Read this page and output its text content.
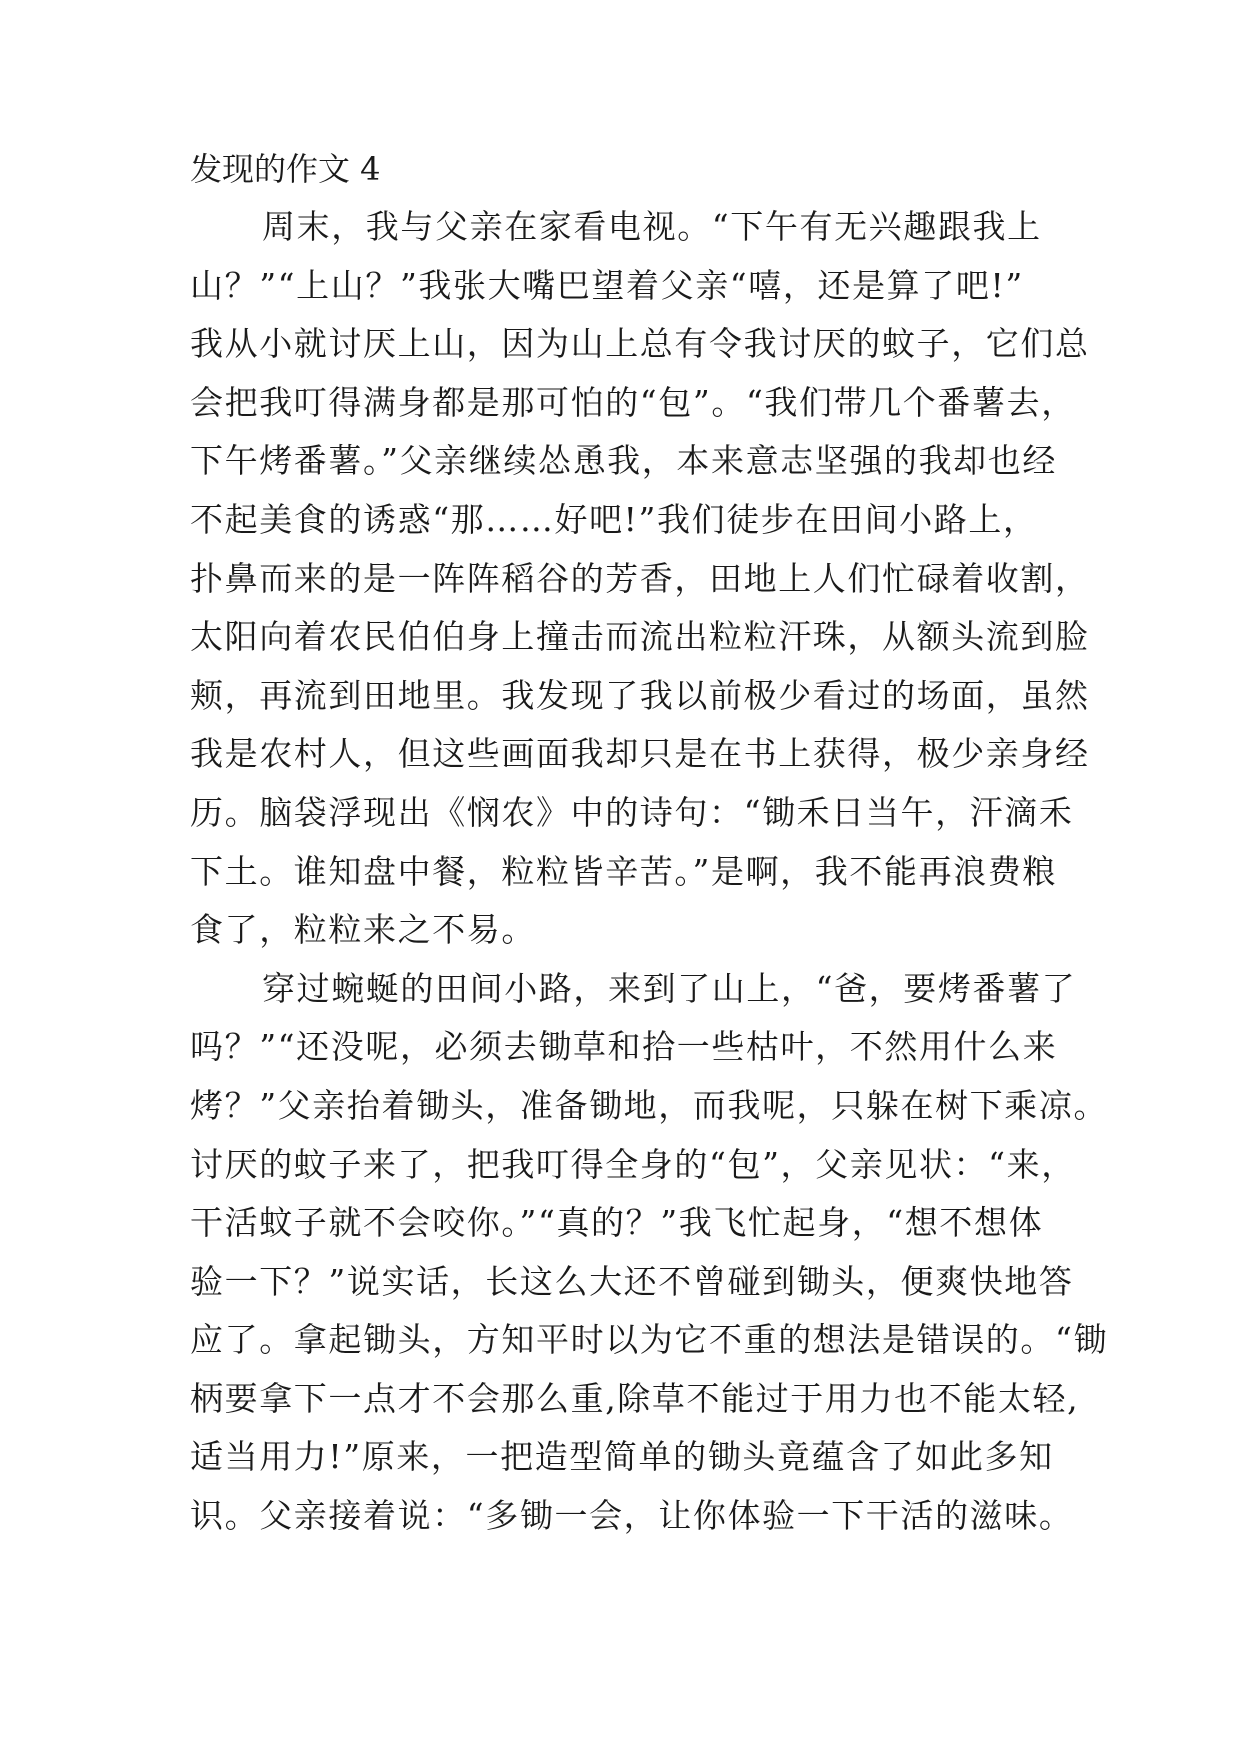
发现的作文 4
周末，我与父亲在家看电视。“下午有无兴趣跟我上
山？”“上山？”我张大嘴巴望着父亲“嘻，还是算了吧!”
我从小就讨厌上山，因为山上总有令我讨厌的蚊子，它们总
会把我叮得满身都是那可怕的“包”。“我们带几个番薯去，
下午烤番薯。”父亲继续怂恿我，本来意志坚强的我却也经
不起美食的诱惑“那……好吧!”我们徒步在田间小路上，
扑鼻而来的是一阵阵稻谷的芳香，田地上人们忙碌着收割，
太阳向着农民伯伯身上撞击而流出粒粒汗珠，从额头流到脸
颊，再流到田地里。我发现了我以前极少看过的场面，虽然
我是农村人，但这些画面我却只是在书上获得，极少亲身经
历。脑袋浮现出《悯农》中的诗句：“锄禾日当午，汗滴禾
下土。谁知盘中餐，粒粒皆辛苦。”是啊，我不能再浪费粮
食了，粒粒来之不易。
穿过蜿蜒的田间小路，来到了山上，“爸，要烤番薯了
吗？”“还没呢，必须去锄草和拾一些枯叶，不然用什么来
烤？”父亲抬着锄头，准备锄地，而我呢，只躲在树下乘凉。
讨厌的蚊子来了，把我叮得全身的“包”，父亲见状：“来，
干活蚊子就不会咬你。”“真的？”我飞忙起身，“想不想体
验一下？”说实话，长这么大还不曾碰到锄头，便爽快地答
应了。拿起锄头，方知平时以为它不重的想法是错误的。“锄
柄要拿下一点才不会那么重,除草不能过于用力也不能太轻,
适当用力!”原来，一把造型简单的锄头竟蕴含了如此多知
识。父亲接着说：“多锄一会，让你体验一下干活的滋味。
